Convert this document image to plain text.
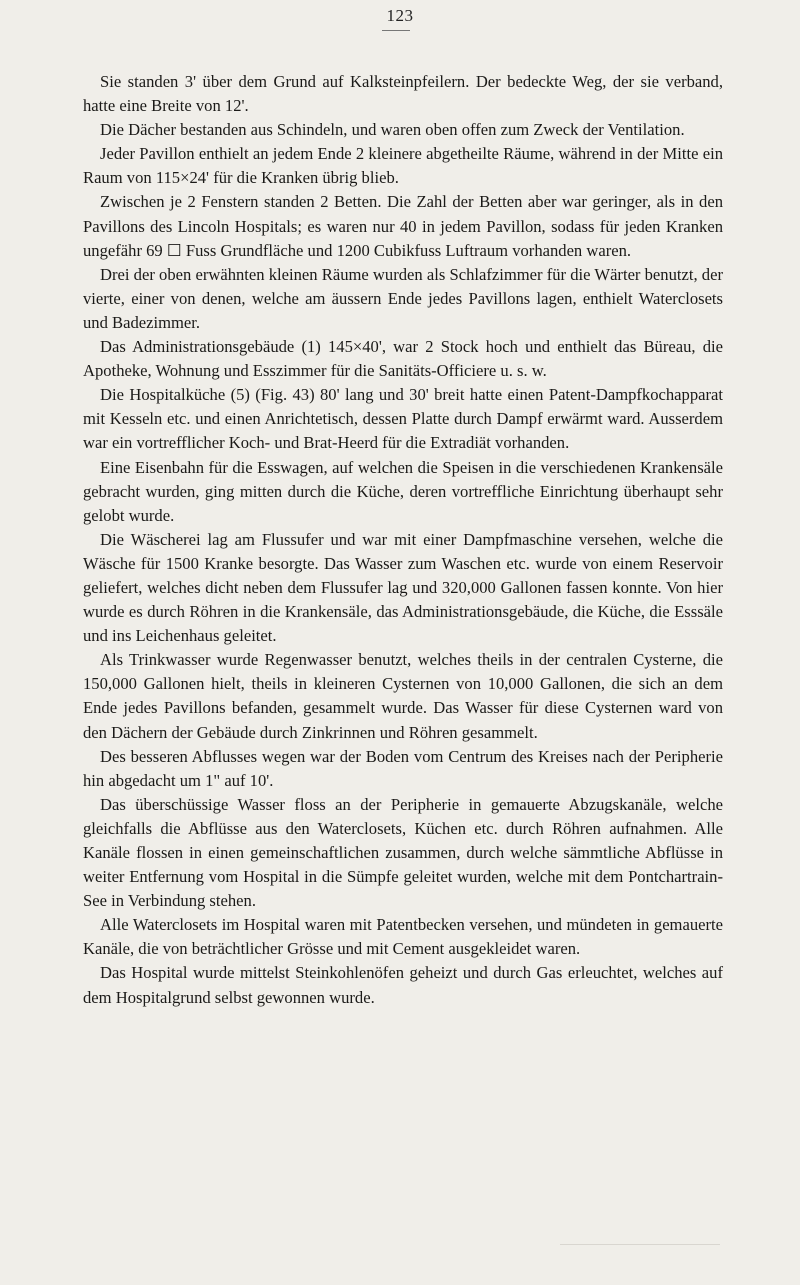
123

Sie standen 3' über dem Grund auf Kalksteinpfeilern. Der bedeckte Weg, der sie verband, hatte eine Breite von 12'.

Die Dächer bestanden aus Schindeln, und waren oben offen zum Zweck der Ventilation.

Jeder Pavillon enthielt an jedem Ende 2 kleinere abgetheilte Räume, während in der Mitte ein Raum von 115×24' für die Kranken übrig blieb.

Zwischen je 2 Fenstern standen 2 Betten. Die Zahl der Betten aber war geringer, als in den Pavillons des Lincoln Hospitals; es waren nur 40 in jedem Pavillon, sodass für jeden Kranken ungefähr 69 ☐ Fuss Grundfläche und 1200 Cubikfuss Luftraum vorhanden waren.

Drei der oben erwähnten kleinen Räume wurden als Schlafzimmer für die Wärter benutzt, der vierte, einer von denen, welche am äussern Ende jedes Pavillons lagen, enthielt Waterclosets und Badezimmer.

Das Administrationsgebäude (1) 145×40', war 2 Stock hoch und enthielt das Büreau, die Apotheke, Wohnung und Esszimmer für die Sanitäts-Officiere u. s. w.

Die Hospitalküche (5) (Fig. 43) 80' lang und 30' breit hatte einen Patent-Dampfkochapparat mit Kesseln etc. und einen Anrichtetisch, dessen Platte durch Dampf erwärmt ward. Ausserdem war ein vortrefflicher Koch- und Brat-Heerd für die Extradiät vorhanden.

Eine Eisenbahn für die Esswagen, auf welchen die Speisen in die verschiedenen Krankensäle gebracht wurden, ging mitten durch die Küche, deren vortreffliche Einrichtung überhaupt sehr gelobt wurde.

Die Wäscherei lag am Flussufer und war mit einer Dampfmaschine versehen, welche die Wäsche für 1500 Kranke besorgte. Das Wasser zum Waschen etc. wurde von einem Reservoir geliefert, welches dicht neben dem Flussufer lag und 320,000 Gallonen fassen konnte. Von hier wurde es durch Röhren in die Krankensäle, das Administrationsgebäude, die Küche, die Esssäle und ins Leichenhaus geleitet.

Als Trinkwasser wurde Regenwasser benutzt, welches theils in der centralen Cysterne, die 150,000 Gallonen hielt, theils in kleineren Cysternen von 10,000 Gallonen, die sich an dem Ende jedes Pavillons befanden, gesammelt wurde. Das Wasser für diese Cysternen ward von den Dächern der Gebäude durch Zinkrinnen und Röhren gesammelt.

Des besseren Abflusses wegen war der Boden vom Centrum des Kreises nach der Peripherie hin abgedacht um 1" auf 10'.

Das überschüssige Wasser floss an der Peripherie in gemauerte Abzugskanäle, welche gleichfalls die Abflüsse aus den Waterclosets, Küchen etc. durch Röhren aufnahmen. Alle Kanäle flossen in einen gemeinschaftlichen zusammen, durch welche sämmtliche Abflüsse in weiter Entfernung vom Hospital in die Sümpfe geleitet wurden, welche mit dem Pontchartrain-See in Verbindung stehen.

Alle Waterclosets im Hospital waren mit Patentbecken versehen, und mündeten in gemauerte Kanäle, die von beträchtlicher Grösse und mit Cement ausgekleidet waren.

Das Hospital wurde mittelst Steinkohlenöfen geheizt und durch Gas erleuchtet, welches auf dem Hospitalgrund selbst gewonnen wurde.
